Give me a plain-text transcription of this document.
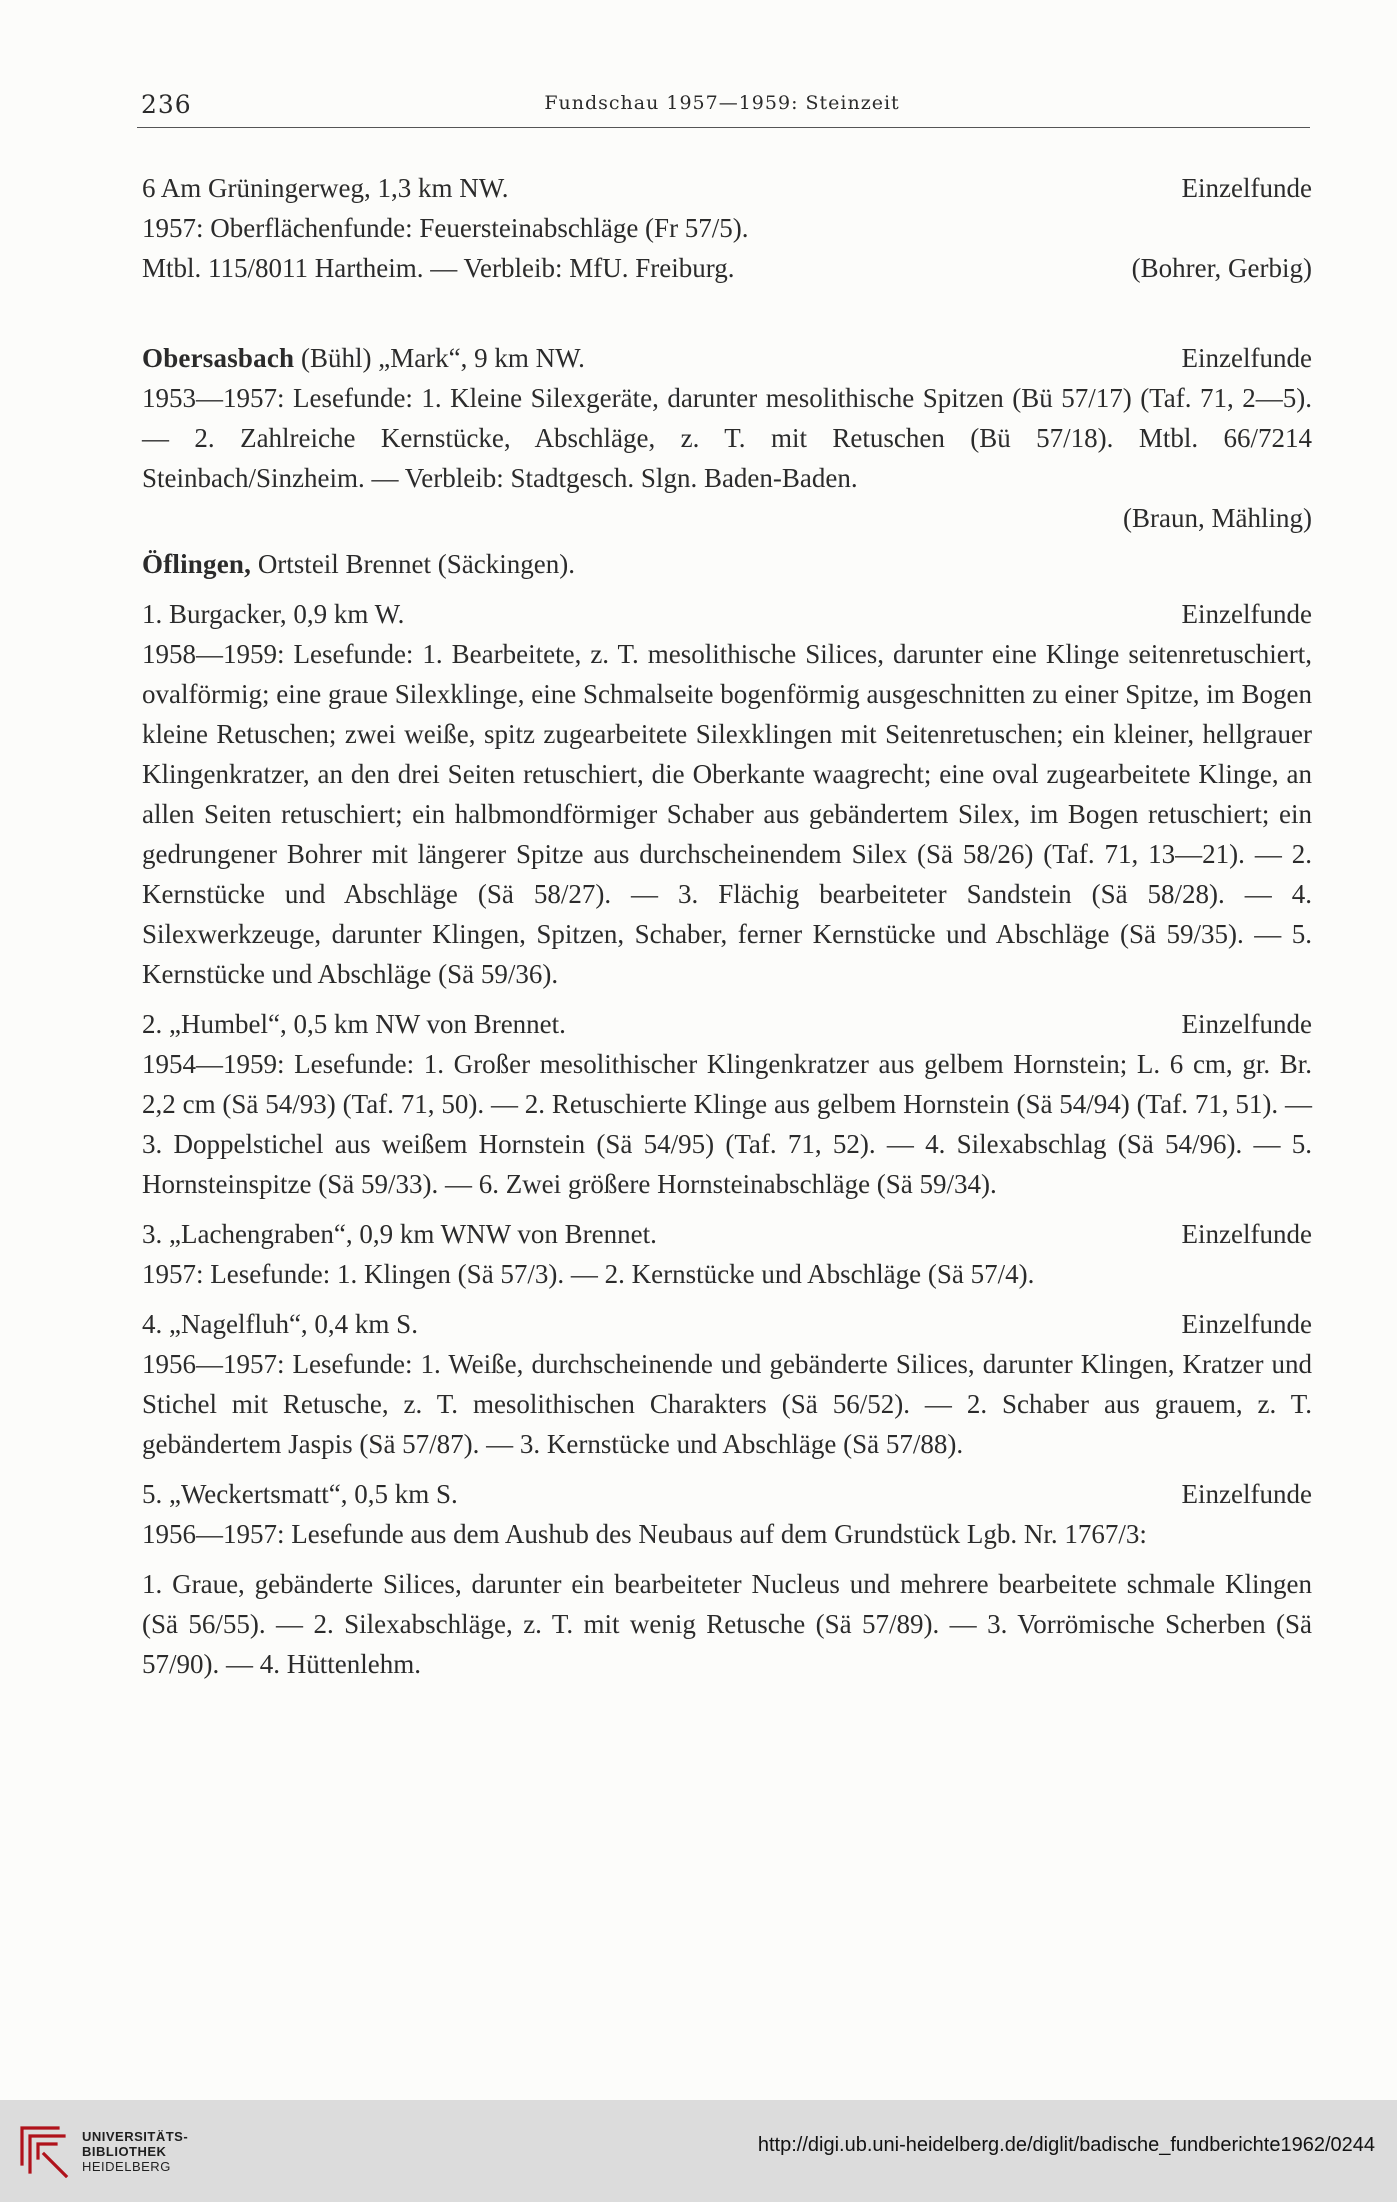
236	Fundschau 1957—1959: Steinzeit
6 Am Grüningerweg, 1,3 km NW.	Einzelfunde
1957: Oberflächenfunde: Feuersteinabschläge (Fr 57/5).
Mtbl. 115/8011 Hartheim. — Verbleib: MfU. Freiburg.	(Bohrer, Gerbig)
Obersasbach (Bühl) „Mark“, 9 km NW.	Einzelfunde
1953—1957: Lesefunde: 1. Kleine Silexgeräte, darunter mesolithische Spitzen (Bü 57/17) (Taf. 71, 2—5). — 2. Zahlreiche Kernstücke, Abschläge, z. T. mit Retuschen (Bü 57/18). Mtbl. 66/7214 Steinbach/Sinzheim. — Verbleib: Stadtgesch. Slgn. Baden-Baden.
(Braun, Mähling)
Öflingen, Ortsteil Brennet (Säckingen).
1. Burgacker, 0,9 km W.	Einzelfunde
1958—1959: Lesefunde: 1. Bearbeitete, z. T. mesolithische Silices, darunter eine Klinge seitenretuschiert, ovalförmig; eine graue Silexklinge, eine Schmalseite bogenförmig ausgeschnitten zu einer Spitze, im Bogen kleine Retuschen; zwei weiße, spitz zugearbeitete Silexklingen mit Seitenretuschen; ein kleiner, hellgrauer Klingenkratzer, an den drei Seiten retuschiert, die Oberkante waagrecht; eine oval zugearbeitete Klinge, an allen Seiten retuschiert; ein halbmondförmiger Schaber aus gebändertem Silex, im Bogen retuschiert; ein gedrungener Bohrer mit längerer Spitze aus durchscheinendem Silex (Sä 58/26) (Taf. 71, 13—21). — 2. Kernstücke und Abschläge (Sä 58/27). — 3. Flächig bearbeiteter Sandstein (Sä 58/28). — 4. Silexwerkzeuge, darunter Klingen, Spitzen, Schaber, ferner Kernstücke und Abschläge (Sä 59/35). — 5. Kernstücke und Abschläge (Sä 59/36).
2. „Humbel“, 0,5 km NW von Brennet.	Einzelfunde
1954—1959: Lesefunde: 1. Großer mesolithischer Klingenkratzer aus gelbem Hornstein; L. 6 cm, gr. Br. 2,2 cm (Sä 54/93) (Taf. 71, 50). — 2. Retuschierte Klinge aus gelbem Hornstein (Sä 54/94) (Taf. 71, 51). — 3. Doppelstichel aus weißem Hornstein (Sä 54/95) (Taf. 71, 52). — 4. Silexabschlag (Sä 54/96). — 5. Hornsteinspitze (Sä 59/33). — 6. Zwei größere Hornsteinabschläge (Sä 59/34).
3. „Lachengraben“, 0,9 km WNW von Brennet.	Einzelfunde
1957: Lesefunde: 1. Klingen (Sä 57/3). — 2. Kernstücke und Abschläge (Sä 57/4).
4. „Nagelfluh“, 0,4 km S.	Einzelfunde
1956—1957: Lesefunde: 1. Weiße, durchscheinende und gebänderte Silices, darunter Klingen, Kratzer und Stichel mit Retusche, z. T. mesolithischen Charakters (Sä 56/52). — 2. Schaber aus grauem, z. T. gebändertem Jaspis (Sä 57/87). — 3. Kernstücke und Abschläge (Sä 57/88).
5. „Weckertsmatt“, 0,5 km S.	Einzelfunde
1956—1957: Lesefunde aus dem Aushub des Neubaus auf dem Grundstück Lgb. Nr. 1767/3:
1. Graue, gebänderte Silices, darunter ein bearbeiteter Nucleus und mehrere bearbeitete schmale Klingen (Sä 56/55). — 2. Silexabschläge, z. T. mit wenig Retusche (Sä 57/89). — 3. Vorrömische Scherben (Sä 57/90). — 4. Hüttenlehm.
UNIVERSITÄTS-
BIBLIOTHEK
HEIDELBERG
http://digi.ub.uni-heidelberg.de/diglit/badische_fundberichte1962/0244
